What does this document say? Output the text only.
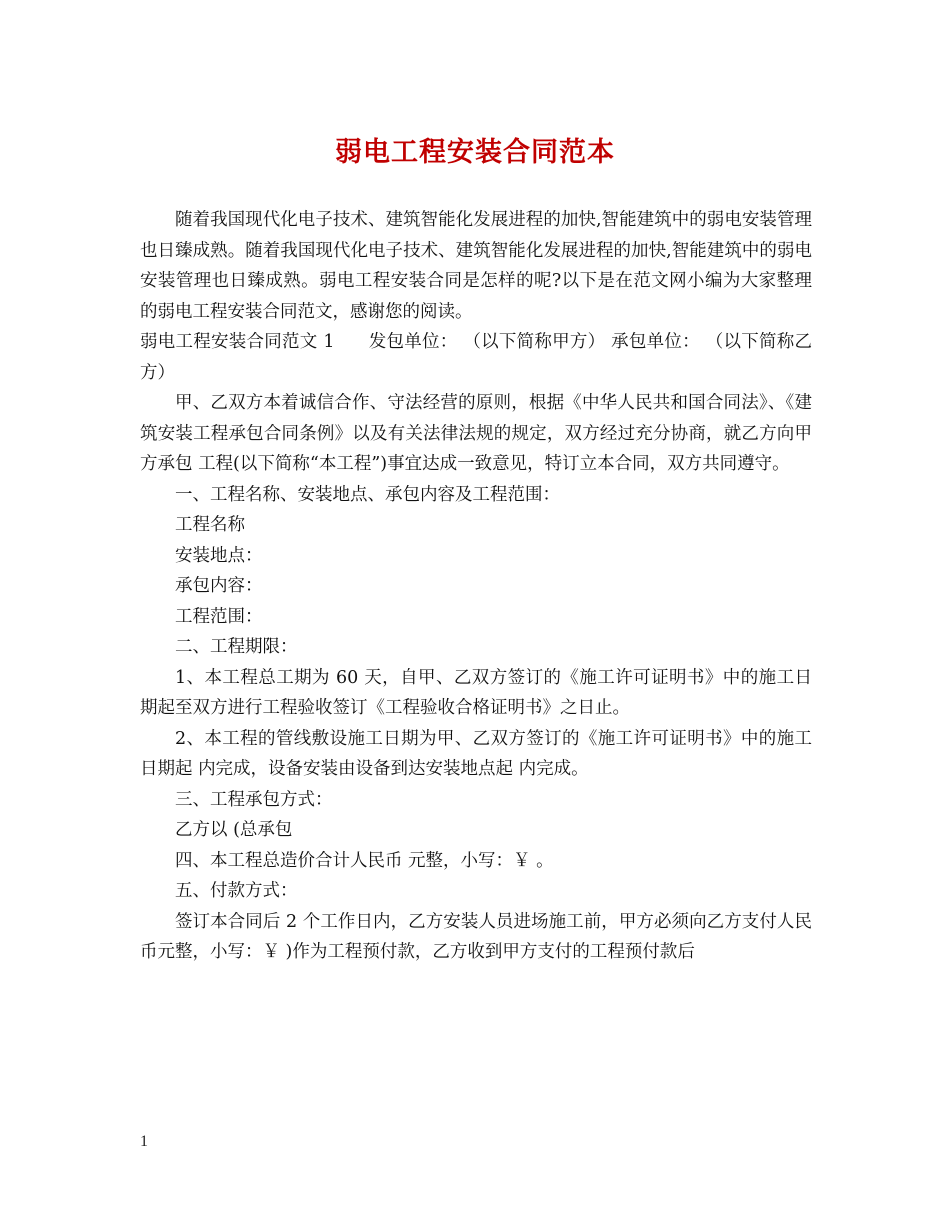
弱电工程安装合同范本

随着我国现代化电子技术、建筑智能化发展进程的加快,智能建筑中的弱电安装管理也日臻成熟。随着我国现代化电子技术、建筑智能化发展进程的加快,智能建筑中的弱电安装管理也日臻成熟。弱电工程安装合同是怎样的呢?以下是在范文网小编为大家整理的弱电工程安装合同范文，感谢您的阅读。

弱电工程安装合同范文 1 发包单位： （以下简称甲方） 承包单位： （以下简称乙方）

甲、乙双方本着诚信合作、守法经营的原则，根据《中华人民共和国合同法》、《建筑安装工程承包合同条例》以及有关法律法规的规定，双方经过充分协商，就乙方向甲方承包 工程(以下简称“本工程”)事宜达成一致意见，特订立本合同，双方共同遵守。

一、工程名称、安装地点、承包内容及工程范围：

工程名称

安装地点：

承包内容：

工程范围：

二、工程期限：

1、本工程总工期为 60 天，自甲、乙双方签订的《施工许可证明书》中的施工日期起至双方进行工程验收签订《工程验收合格证明书》之日止。

2、本工程的管线敷设施工日期为甲、乙双方签订的《施工许可证明书》中的施工日期起 内完成，设备安装由设备到达安装地点起 内完成。

三、工程承包方式：

乙方以 (总承包

四、本工程总造价合计人民币 元整，小写：￥ 。

五、付款方式：

签订本合同后 2 个工作日内，乙方安装人员进场施工前，甲方必须向乙方支付人民币元整，小写：￥ )作为工程预付款，乙方收到甲方支付的工程预付款后

1
